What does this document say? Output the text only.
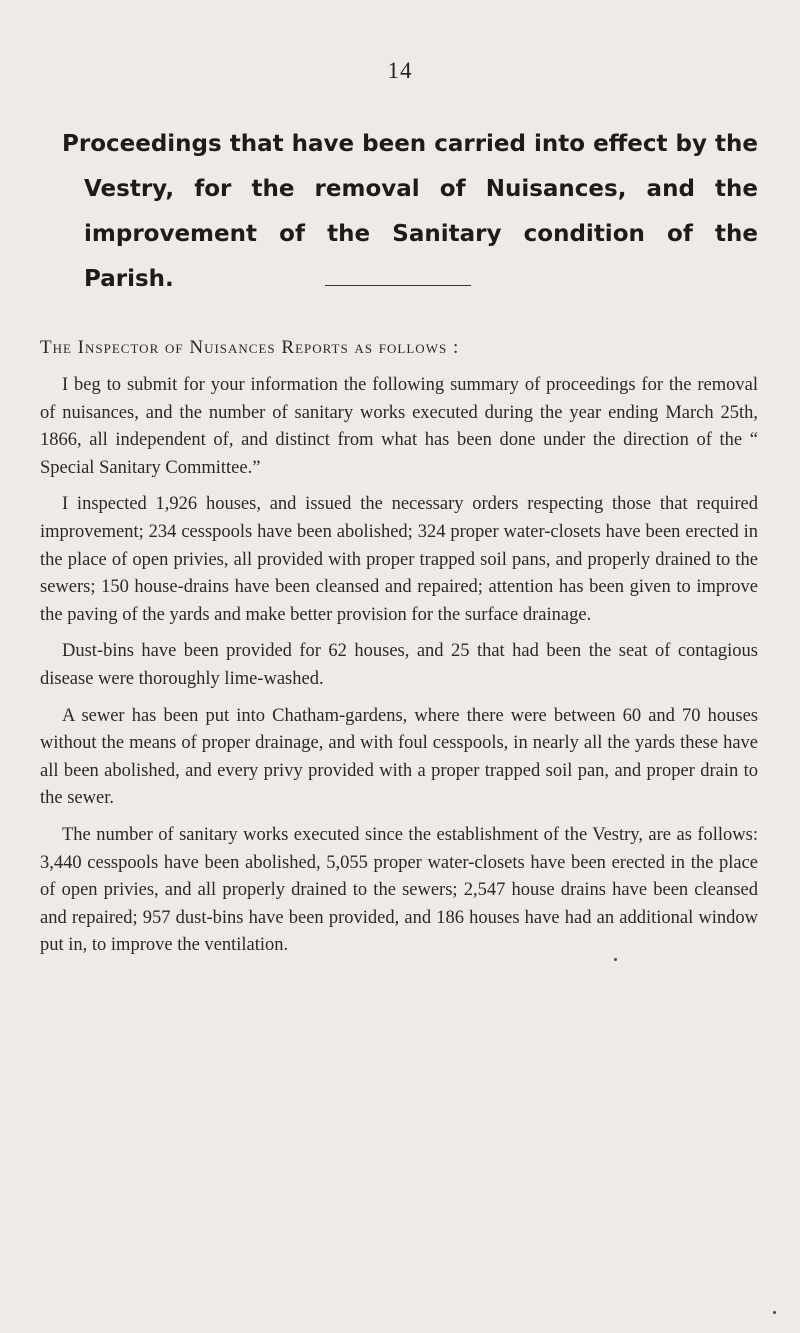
14
Proceedings that have been carried into effect by the Vestry, for the removal of Nuisances, and the improvement of the Sanitary condition of the Parish.
The Inspector of Nuisances Reports as follows :

I beg to submit for your information the following summary of proceedings for the removal of nuisances, and the number of sanitary works executed during the year ending March 25th, 1866, all independent of, and distinct from what has been done under the direction of the “ Special Sanitary Committee.”

I inspected 1,926 houses, and issued the necessary orders respecting those that required improvement; 234 cesspools have been abolished; 324 proper water-closets have been erected in the place of open privies, all provided with proper trapped soil pans, and properly drained to the sewers; 150 house-drains have been cleansed and repaired; attention has been given to improve the paving of the yards and make better provision for the surface drainage.

Dust-bins have been provided for 62 houses, and 25 that had been the seat of contagious disease were thoroughly lime-washed.

A sewer has been put into Chatham-gardens, where there were between 60 and 70 houses without the means of proper drainage, and with foul cesspools, in nearly all the yards these have all been abolished, and every privy provided with a proper trapped soil pan, and proper drain to the sewer.

The number of sanitary works executed since the establishment of the Vestry, are as follows: 3,440 cesspools have been abolished, 5,055 proper water-closets have been erected in the place of open privies, and all properly drained to the sewers; 2,547 house drains have been cleansed and repaired; 957 dust-bins have been provided, and 186 houses have had an additional window put in, to improve the ventilation.
